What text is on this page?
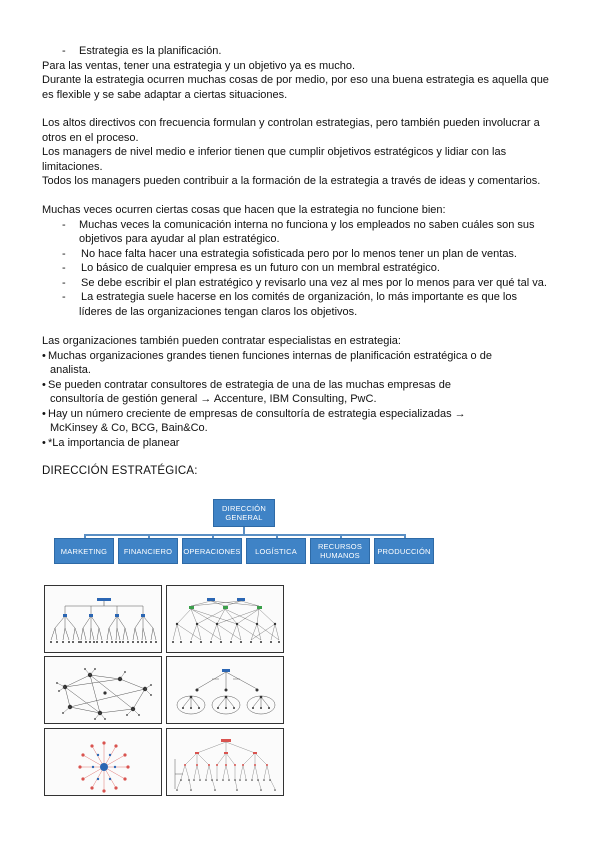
- Estrategia es la planificación.
Para las ventas, tener una estrategia y un objetivo ya es mucho.
Durante la estrategia ocurren muchas cosas de por medio, por eso una buena estrategia es aquella que
es flexible y se sabe adaptar a ciertas situaciones.
Los altos directivos con frecuencia formulan y controlan estrategias, pero también pueden involucrar a
otros en el proceso.
Los managers de nivel medio e inferior tienen que cumplir objetivos estratégicos y lidiar con las
limitaciones.
Todos los managers pueden contribuir a la formación de la estrategia a través de ideas y comentarios.
Muchas veces ocurren ciertas cosas que hacen que la estrategia no funcione bien:
- Muchas veces la comunicación interna no funciona y los empleados no saben cuáles son sus
objetivos para ayudar al plan estratégico.
- No hace falta hacer una estrategia sofisticada pero por lo menos tener un plan de ventas.
- Lo básico de cualquier empresa es un futuro con un membral estratégico.
- Se debe escribir el plan estratégico y revisarlo una vez al mes por lo menos para ver qué tal va.
- La estrategia suele hacerse en los comités de organización, lo más importante es que los
líderes de las organizaciones tengan claros los objetivos.
Las organizaciones también pueden contratar especialistas en estrategia:
• Muchas organizaciones grandes tienen funciones internas de planificación estratégica o de
analista.
• Se pueden contratar consultores de estrategia de una de las muchas empresas de
consultoría de gestión general → Accenture, IBM Consulting, PwC.
• Hay un número creciente de empresas de consultoría de estrategia especializadas →
McKinsey & Co, BCG, Bain&Co.
• *La importancia de planear
DIRECCIÓN ESTRATÉGICA:
DIRECCIÓN GENERAL
MARKETING	FINANCIERO	OPERACIONES	LOGÍSTICA	RECURSOS HUMANOS	PRODUCCIÓN
